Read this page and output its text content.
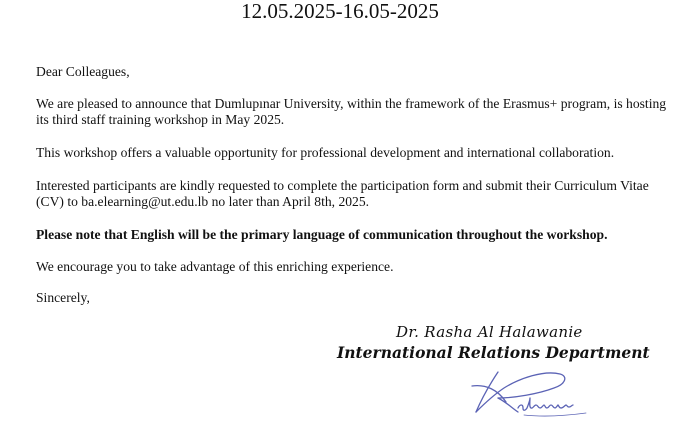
12.05.2025-16.05-2025

Dear Colleagues,

We are pleased to announce that Dumlupınar University, within the framework of the Erasmus+ program, is hosting its third staff training workshop in May 2025.

This workshop offers a valuable opportunity for professional development and international collaboration.

Interested participants are kindly requested to complete the participation form and submit their Curriculum Vitae (CV) to ba.elearning@ut.edu.lb no later than April 8th, 2025.

Please note that English will be the primary language of communication throughout the workshop.

We encourage you to take advantage of this enriching experience.

Sincerely,

Dr. Rasha Al Halawanie
International Relations Department
